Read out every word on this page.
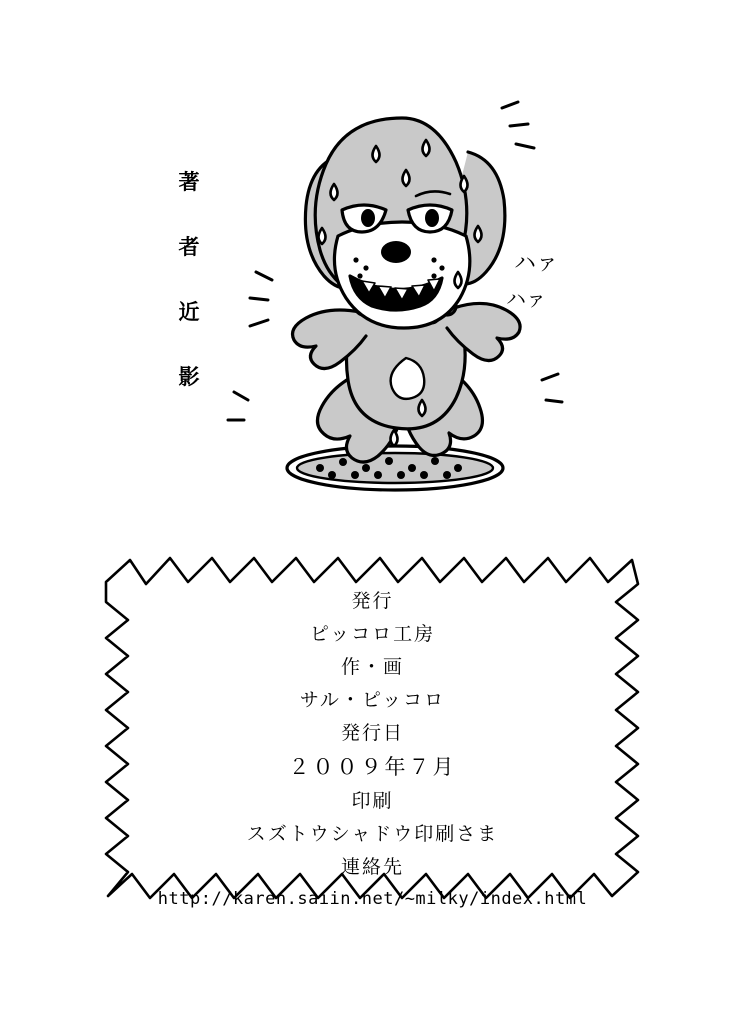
著
者
近
影
ハァ
ハァ
発行
ピッコロ工房
作・画
サル・ピッコロ
発行日
２００９年７月
印刷
スズトウシャドウ印刷さま
連絡先
http://karen.saiin.net/~milky/index.html
